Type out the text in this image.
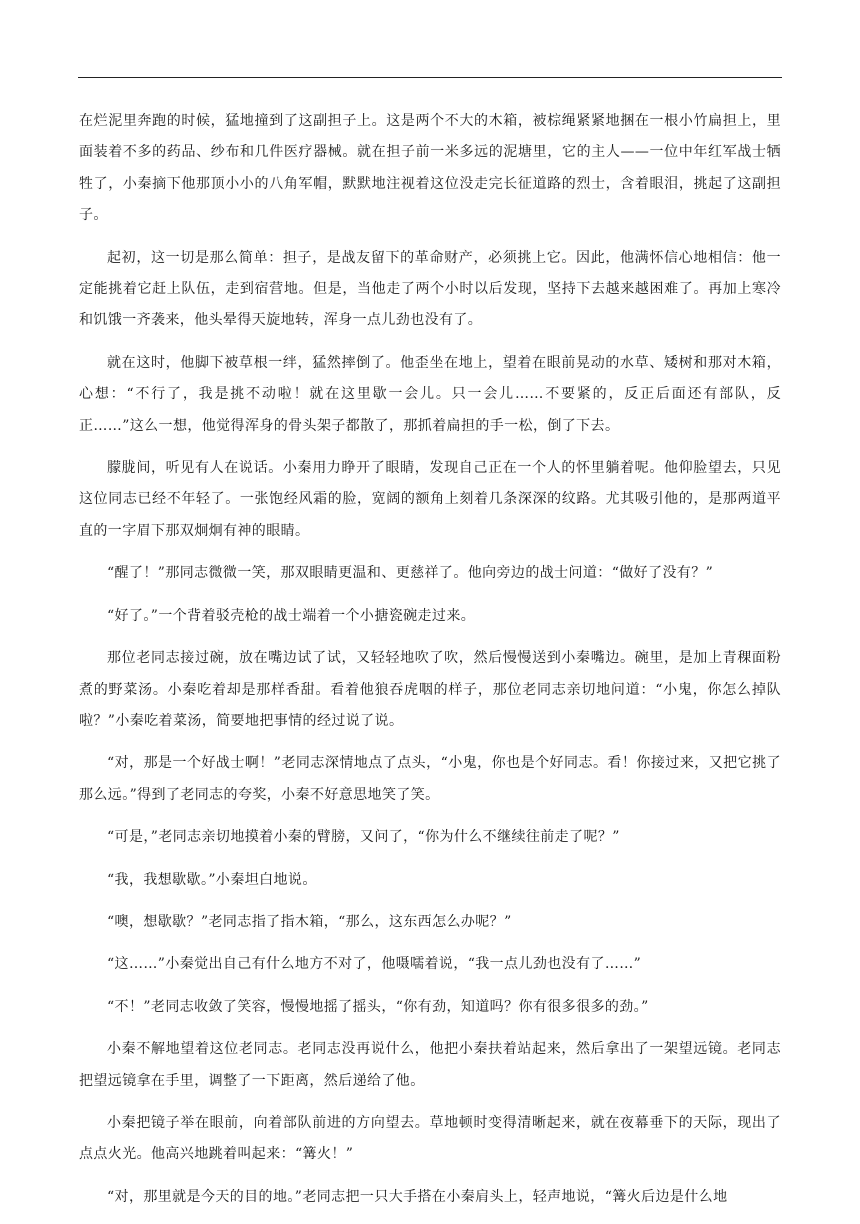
在烂泥里奔跑的时候，猛地撞到了这副担子上。这是两个不大的木箱，被棕绳紧紧地捆在一根小竹扁担上，里面装着不多的药品、纱布和几件医疗器械。就在担子前一米多远的泥塘里，它的主人——一位中年红军战士牺牲了，小秦摘下他那顶小小的八角军帽，默默地注视着这位没走完长征道路的烈士，含着眼泪，挑起了这副担子。

起初，这一切是那么简单：担子，是战友留下的革命财产，必须挑上它。因此，他满怀信心地相信：他一定能挑着它赶上队伍，走到宿营地。但是，当他走了两个小时以后发现，坚持下去越来越困难了。再加上寒冷和饥饿一齐袭来，他头晕得天旋地转，浑身一点儿劲也没有了。

就在这时，他脚下被草根一绊，猛然摔倒了。他歪坐在地上，望着在眼前晃动的水草、矮树和那对木箱，心想：“不行了，我是挑不动啦！就在这里歇一会儿。只一会儿……不要紧的，反正后面还有部队，反正……”这么一想，他觉得浑身的骨头架子都散了，那抓着扁担的手一松，倒了下去。

朦胧间，听见有人在说话。小秦用力睁开了眼睛，发现自己正在一个人的怀里躺着呢。他仰脸望去，只见这位同志已经不年轻了。一张饱经风霜的脸，宽阔的额角上刻着几条深深的纹路。尤其吸引他的，是那两道平直的一字眉下那双炯炯有神的眼睛。

“醒了！”那同志微微一笑，那双眼睛更温和、更慈祥了。他向旁边的战士问道：“做好了没有？”

“好了。”一个背着驳壳枪的战士端着一个小搪瓷碗走过来。

那位老同志接过碗，放在嘴边试了试，又轻轻地吹了吹，然后慢慢送到小秦嘴边。碗里，是加上青稞面粉煮的野菜汤。小秦吃着却是那样香甜。看着他狼吞虎咽的样子，那位老同志亲切地问道：“小鬼，你怎么掉队啦？”小秦吃着菜汤，简要地把事情的经过说了说。

“对，那是一个好战士啊！”老同志深情地点了点头，“小鬼，你也是个好同志。看！你接过来，又把它挑了那么远。”得到了老同志的夸奖，小秦不好意思地笑了笑。

“可是，”老同志亲切地摸着小秦的臂膀，又问了，“你为什么不继续往前走了呢？”

“我，我想歇歇。”小秦坦白地说。

“噢，想歇歇？”老同志指了指木箱，“那么，这东西怎么办呢？”

“这……”小秦觉出自己有什么地方不对了，他嗫嚅着说，“我一点儿劲也没有了……”

“不！”老同志收敛了笑容，慢慢地摇了摇头，“你有劲，知道吗？你有很多很多的劲。”

小秦不解地望着这位老同志。老同志没再说什么，他把小秦扶着站起来，然后拿出了一架望远镜。老同志把望远镜拿在手里，调整了一下距离，然后递给了他。

小秦把镜子举在眼前，向着部队前进的方向望去。草地顿时变得清晰起来，就在夜幕垂下的天际，现出了点点火光。他高兴地跳着叫起来：“篝火！”

“对，那里就是今天的目的地。”老同志把一只大手搭在小秦肩头上，轻声地说，“篝火后边是什么地
